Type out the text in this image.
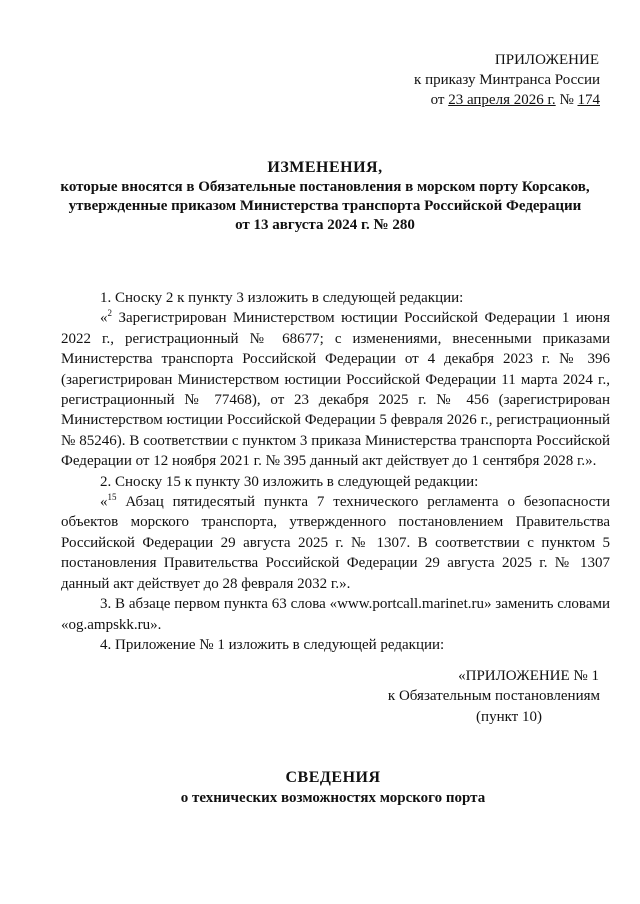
ПРИЛОЖЕНИЕ
к приказу Минтранса России
от 23 апреля 2026 г. № 174
ИЗМЕНЕНИЯ,
которые вносятся в Обязательные постановления в морском порту Корсаков,
утвержденные приказом Министерства транспорта Российской Федерации
от 13 августа 2024 г. № 280

1. Сноску 2 к пункту 3 изложить в следующей редакции:

«$^2$ Зарегистрирован Министерством юстиции Российской Федерации 1 июня 2022 г., регистрационный № 68677; с изменениями, внесенными приказами Министерства транспорта Российской Федерации от 4 декабря 2023 г. № 396 (зарегистрирован Министерством юстиции Российской Федерации 11 марта 2024 г., регистрационный № 77468), от 23 декабря 2025 г. № 456 (зарегистрирован Министерством юстиции Российской Федерации 5 февраля 2026 г., регистрационный № 85246). В соответствии с пунктом 3 приказа Министерства транспорта Российской Федерации от 12 ноября 2021 г. № 395 данный акт действует до 1 сентября 2028 г.».

2. Сноску 15 к пункту 30 изложить в следующей редакции:

«$^{15}$ Абзац пятидесятый пункта 7 технического регламента о безопасности объектов морского транспорта, утвержденного постановлением Правительства Российской Федерации 29 августа 2025 г. № 1307. В соответствии с пунктом 5 постановления Правительства Российской Федерации 29 августа 2025 г. № 1307 данный акт действует до 28 февраля 2032 г.».

3. В абзаце первом пункта 63 слова «www.portcall.marinet.ru» заменить словами «og.ampskk.ru».

4. Приложение № 1 изложить в следующей редакции:

«ПРИЛОЖЕНИЕ № 1
к Обязательным постановлениям
(пункт 10)
СВЕДЕНИЯ
о технических возможностях морского порта
